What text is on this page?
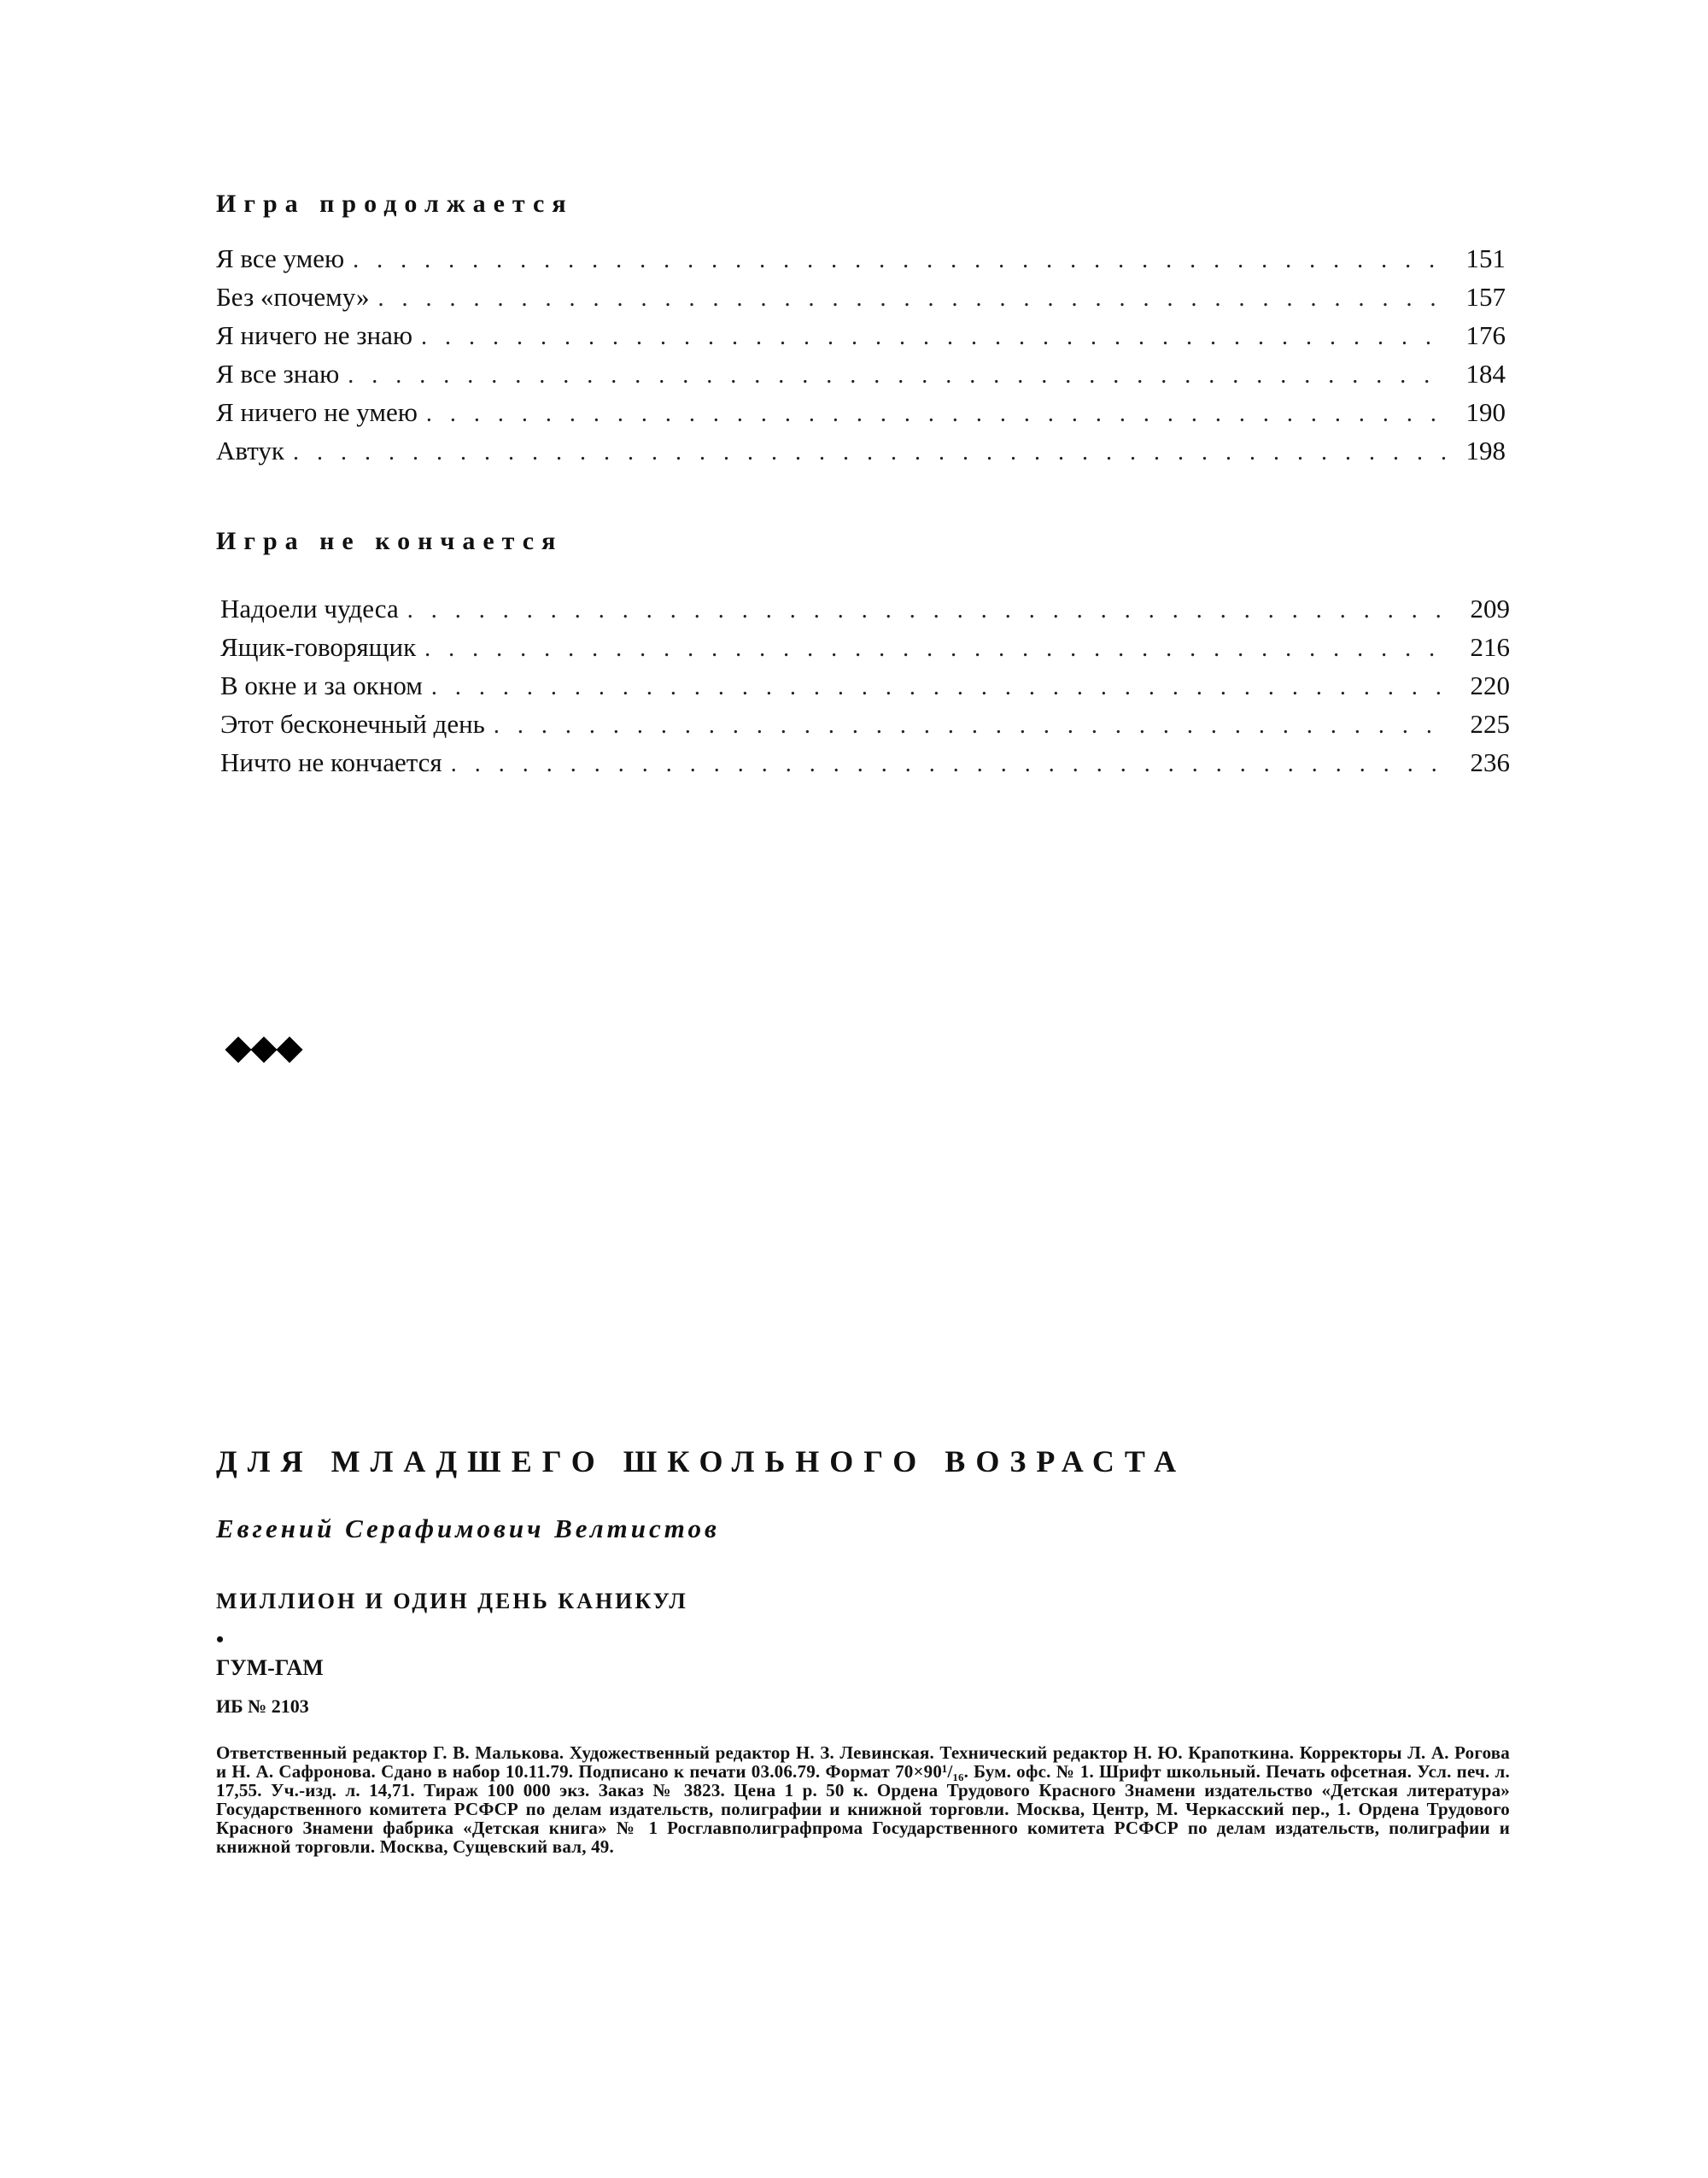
Игра продолжается
Я все умею . . .	151
Без «почему» . . .	157
Я ничего не знаю . . .	176
Я все знаю . . .	184
Я ничего не умею . . .	190
Автук . . .	198
Игра не кончается
Надоели чудеса . . .	209
Ящик-говорящик . . .	216
В окне и за окном . . .	220
Этот бесконечный день . . .	225
Ничто не кончается . . .	236
ДЛЯ МЛАДШЕГО ШКОЛЬНОГО ВОЗРАСТА
Евгений Серафимович Велтистов
МИЛЛИОН И ОДИН ДЕНЬ КАНИКУЛ
•
ГУМ-ГАМ
ИБ № 2103
Ответственный редактор Г. В. Малькова. Художественный редактор Н. З. Левинская. Технический редактор Н. Ю. Крапоткина. Корректоры Л. А. Рогова и Н. А. Сафронова. Сдано в набор 10.11.79. Подписано к печати 03.06.79. Формат 70×90¹/₁₆. Бум. офс. № 1. Шрифт школьный. Печать офсетная. Усл. печ. л. 17,55. Уч.-изд. л. 14,71. Тираж 100 000 экз. Заказ № 3823. Цена 1 р. 50 к. Ордена Трудового Красного Знамени издательство «Детская литература» Государственного комитета РСФСР по делам издательств, полиграфии и книжной торговли. Москва, Центр, М. Черкасский пер., 1. Ордена Трудового Красного Знамени фабрика «Детская книга» № 1 Росглавполиграфпрома Государственного комитета РСФСР по делам издательств, полиграфии и книжной торговли. Москва, Сущевский вал, 49.
